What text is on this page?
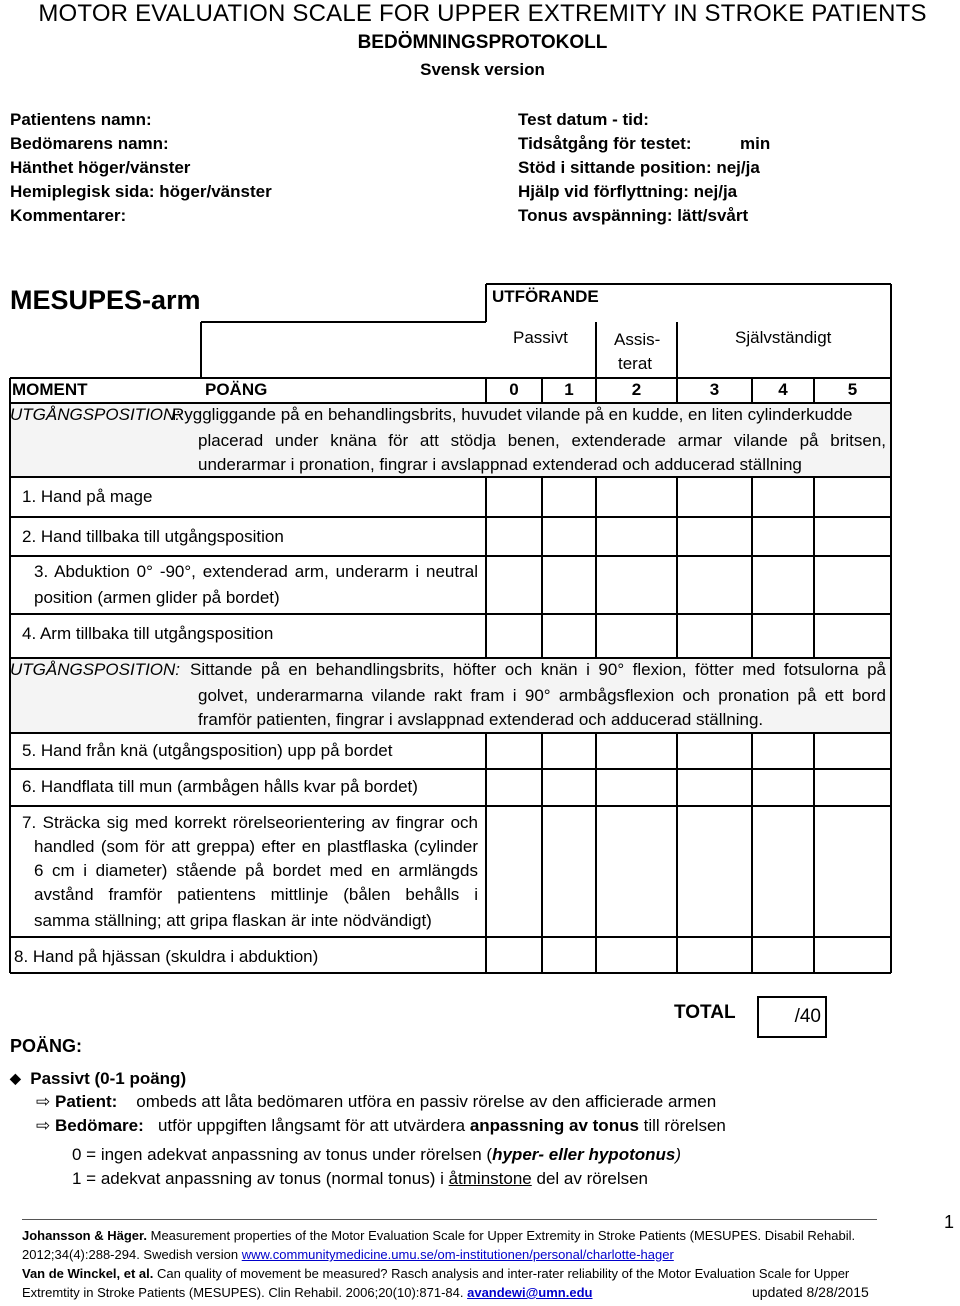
MOTOR EVALUATION SCALE FOR UPPER EXTREMITY IN STROKE PATIENTS
BEDÖMNINGSPROTOKOLL
Svensk version
Patientens namn:
Bedömarens namn:
Hänthet höger/vänster
Hemiplegisk sida: höger/vänster
Kommentarer:
Test datum - tid:
Tidsåtgång för testet:
Stöd i sittande position: nej/ja
Hjälp vid förflyttning: nej/ja
Tonus avspänning: lätt/svårt
min
MESUPES-arm	UTFÖRANDE
Passivt	Assis-
terat
Självständigt
MOMENT	POÄNG	0	1	2	3	4	5
UTGÅNGSPOSITION:
Ryggliggande på en behandlingsbrits, huvudet vilande på en kudde, en liten cylinderkudde
placerad under knäna för att stödja benen, extenderade armar vilande på britsen,
underarmar i pronation, fingrar i avslappnad extenderad och adducerad ställning
1. Hand på mage
2. Hand tillbaka till utgångsposition
3. Abduktion 0° -90°, extenderad arm, underarm i neutral
position (armen glider på bordet)
4. Arm tillbaka till utgångsposition
UTGÅNGSPOSITION: Sittande på en behandlingsbrits, höfter och knän i 90° flexion, fötter med fotsulorna på
golvet, underarmarna vilande rakt fram i 90° armbågsflexion och pronation på ett bord
framför patienten, fingrar i avslappnad extenderad och adducerad ställning.
5. Hand från knä (utgångsposition) upp på bordet
6. Handflata till mun (armbågen hålls kvar på bordet)
7. Sträcka sig med korrekt rörelseorientering av fingrar och
handled (som för att greppa) efter en plastflaska (cylinder
6 cm i diameter) stående på bordet med en armlängds
avstånd framför patientens mittlinje (bålen behålls i
samma ställning; att gripa flaskan är inte nödvändigt)
8. Hand på hjässan (skuldra i abduktion)
TOTAL	/40
POÄNG:
◆ Passivt (0-1 poäng)
⇨ Patient: ombeds att låta bedömaren utföra en passiv rörelse av den afficierade armen
⇨ Bedömare: utför uppgiften långsamt för att utvärdera anpassning av tonus till rörelsen
0 = ingen adekvat anpassning av tonus under rörelsen (hyper- eller hypotonus)
1 = adekvat anpassning av tonus (normal tonus) i åtminstone del av rörelsen
Johansson & Häger. Measurement properties of the Motor Evaluation Scale for Upper Extremity in Stroke Patients (MESUPES. Disabil Rehabil.
2012;34(4):288-294. Swedish version www.communitymedicine.umu.se/om-institutionen/personal/charlotte-hager
Van de Winckel, et al. Can quality of movement be measured? Rasch analysis and inter-rater reliability of the Motor Evaluation Scale for Upper
Extremtity in Stroke Patients (MESUPES). Clin Rehabil. 2006;20(10):871-84. avandewi@umn.edu	updated 8/28/2015
1
